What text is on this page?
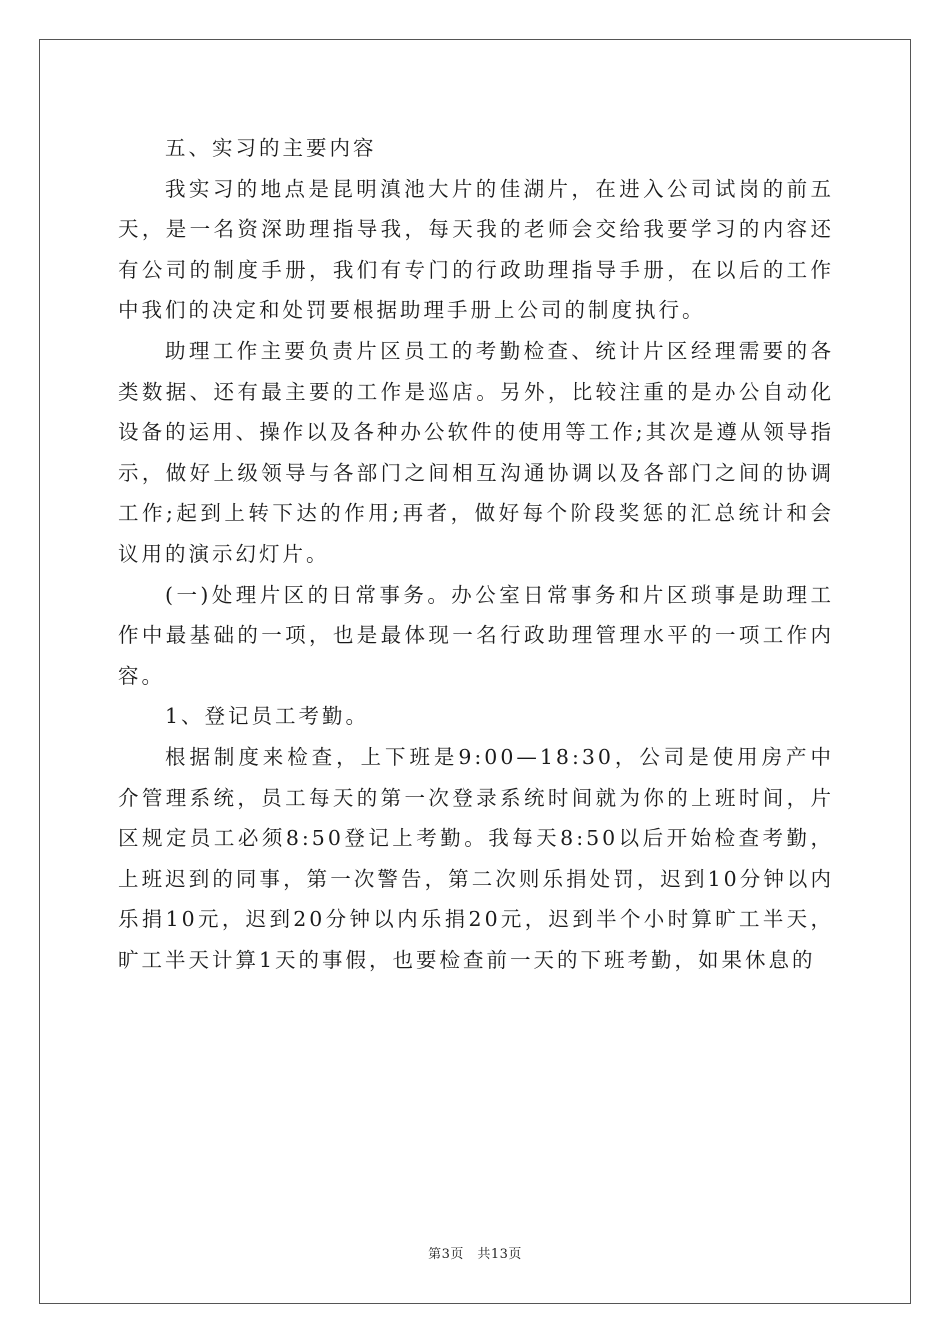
五、实习的主要内容

我实习的地点是昆明滇池大片的佳湖片，在进入公司试岗的前五天，是一名资深助理指导我，每天我的老师会交给我要学习的内容还有公司的制度手册，我们有专门的行政助理指导手册，在以后的工作中我们的决定和处罚要根据助理手册上公司的制度执行。

助理工作主要负责片区员工的考勤检查、统计片区经理需要的各类数据、还有最主要的工作是巡店。另外，比较注重的是办公自动化设备的运用、操作以及各种办公软件的使用等工作;其次是遵从领导指示，做好上级领导与各部门之间相互沟通协调以及各部门之间的协调工作;起到上转下达的作用;再者，做好每个阶段奖惩的汇总统计和会议用的演示幻灯片。

(一)处理片区的日常事务。办公室日常事务和片区琐事是助理工作中最基础的一项，也是最体现一名行政助理管理水平的一项工作内容。

1、登记员工考勤。

根据制度来检查，上下班是9:00—18:30，公司是使用房产中介管理系统，员工每天的第一次登录系统时间就为你的上班时间，片区规定员工必须8:50登记上考勤。我每天8:50以后开始检查考勤，上班迟到的同事，第一次警告，第二次则乐捐处罚，迟到10分钟以内乐捐10元，迟到20分钟以内乐捐20元，迟到半个小时算旷工半天，旷工半天计算1天的事假，也要检查前一天的下班考勤，如果休息的

第3页　共13页
